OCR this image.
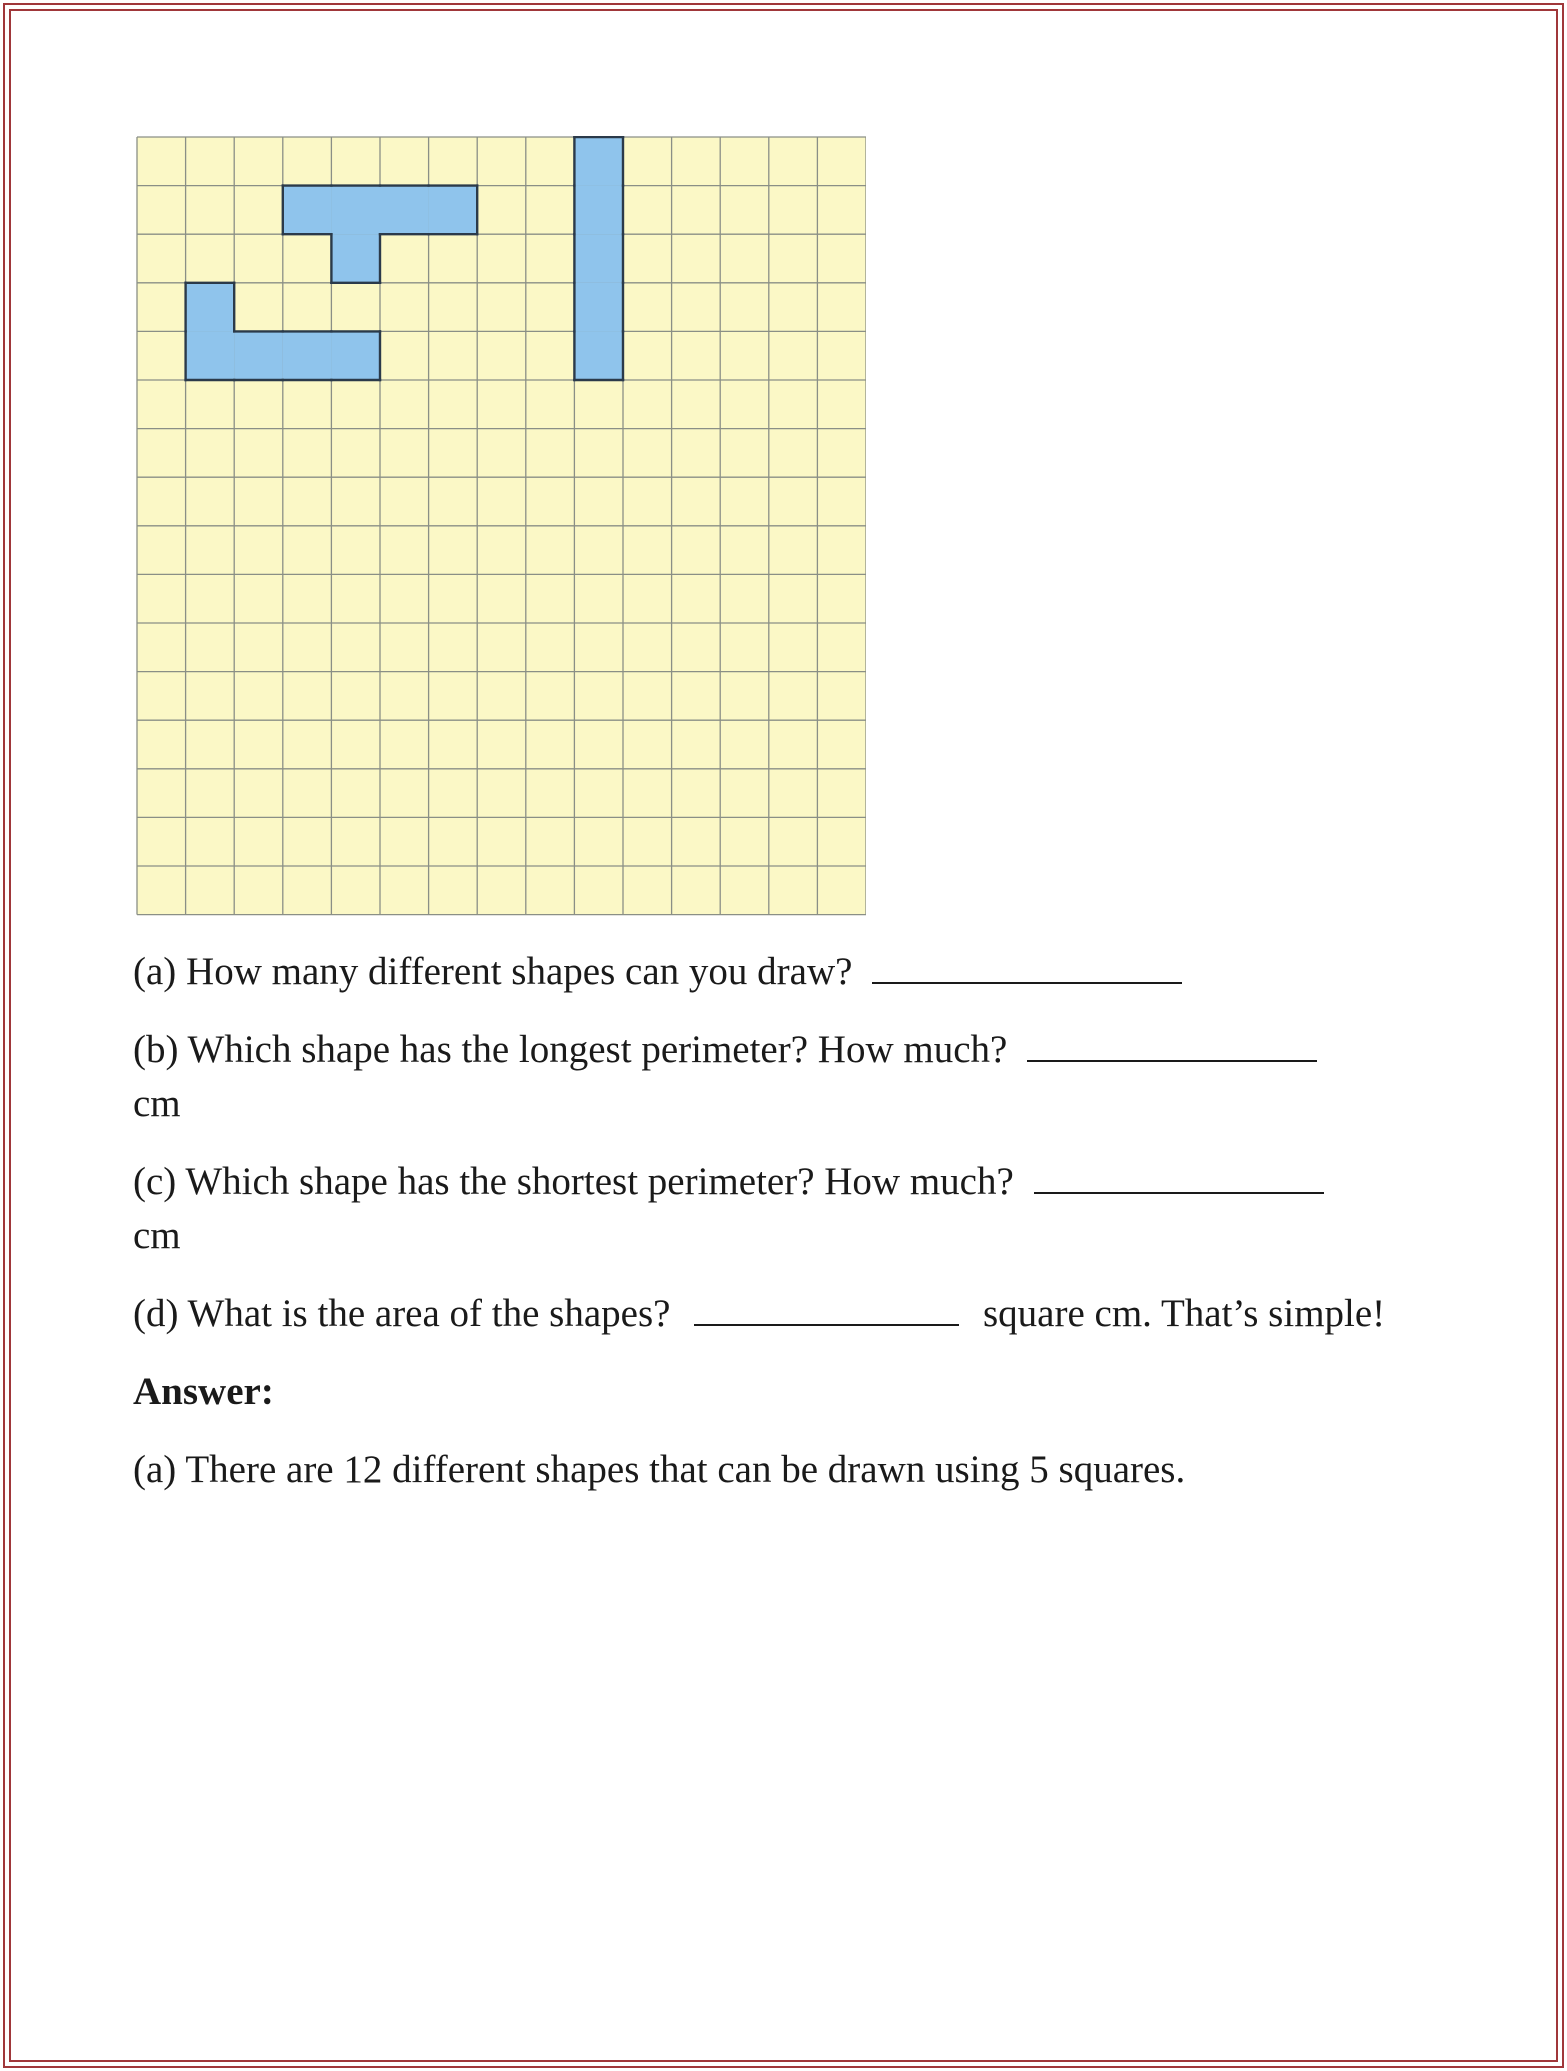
(a) How many different shapes can you draw?

(b) Which shape has the longest perimeter? How much?
cm

(c) Which shape has the shortest perimeter? How much?
cm

(d) What is the area of the shapes?	square cm. That’s simple!

Answer:

(a) There are 12 different shapes that can be drawn using 5 squares.
